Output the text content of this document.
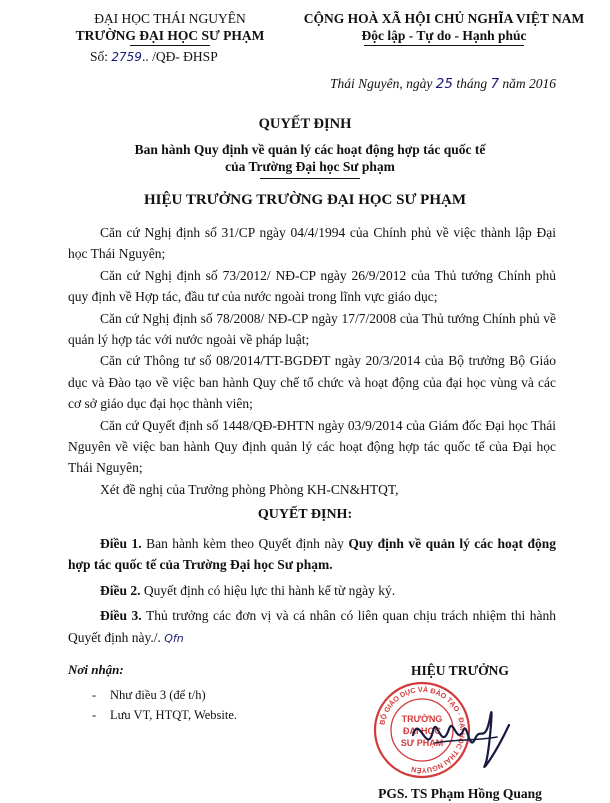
ĐẠI HỌC THÁI NGUYÊN
TRƯỜNG ĐẠI HỌC SƯ PHẠM
CỘNG HOÀ XÃ HỘI CHỦ NGHĨA VIỆT NAM
Độc lập - Tự do - Hạnh phúc
Số: 2759.. /QĐ- ĐHSP
Thái Nguyên, ngày 25 tháng 7 năm 2016
QUYẾT ĐỊNH
Ban hành Quy định về quản lý các hoạt động hợp tác quốc tế
của Trường Đại học Sư phạm
HIỆU TRƯỞNG TRƯỜNG ĐẠI HỌC SƯ PHẠM

Căn cứ Nghị định số 31/CP ngày 04/4/1994 của Chính phủ về việc thành lập Đại học Thái Nguyên;

Căn cứ Nghị định số 73/2012/ NĐ-CP ngày 26/9/2012 của Thủ tướng Chính phủ quy định về Hợp tác, đầu tư của nước ngoài trong lĩnh vực giáo dục;

Căn cứ Nghị định số 78/2008/ NĐ-CP ngày 17/7/2008 của Thủ tướng Chính phủ về quản lý hợp tác với nước ngoài về pháp luật;

Căn cứ Thông tư số 08/2014/TT-BGDĐT ngày 20/3/2014 của Bộ trưởng Bộ Giáo dục và Đào tạo về việc ban hành Quy chế tổ chức và hoạt động của đại học vùng và các cơ sở giáo dục đại học thành viên;

Căn cứ Quyết định số 1448/QĐ-ĐHTN ngày 03/9/2014 của Giám đốc Đại học Thái Nguyên về việc ban hành Quy định quản lý các hoạt động hợp tác quốc tế của Đại học Thái Nguyên;

Xét đề nghị của Trưởng phòng Phòng KH-CN&HTQT,

QUYẾT ĐỊNH:

Điều 1. Ban hành kèm theo Quyết định này Quy định về quản lý các hoạt động hợp tác quốc tế của Trường Đại học Sư phạm.

Điều 2. Quyết định có hiệu lực thi hành kể từ ngày ký.

Điều 3. Thủ trưởng các đơn vị và cá nhân có liên quan chịu trách nhiệm thi hành Quyết định này./. Qfn

Nơi nhận:
- Như điều 3 (để t/h)
- Lưu VT, HTQT, Website.
HIỆU TRƯỞNG
BỘ GIÁO DỤC VÀ ĐÀO TẠO · ĐẠI HỌC THÁI NGUYÊN
TRƯỜNG
ĐẠI HỌC
SƯ PHẠM
PGS. TS Phạm Hồng Quang
